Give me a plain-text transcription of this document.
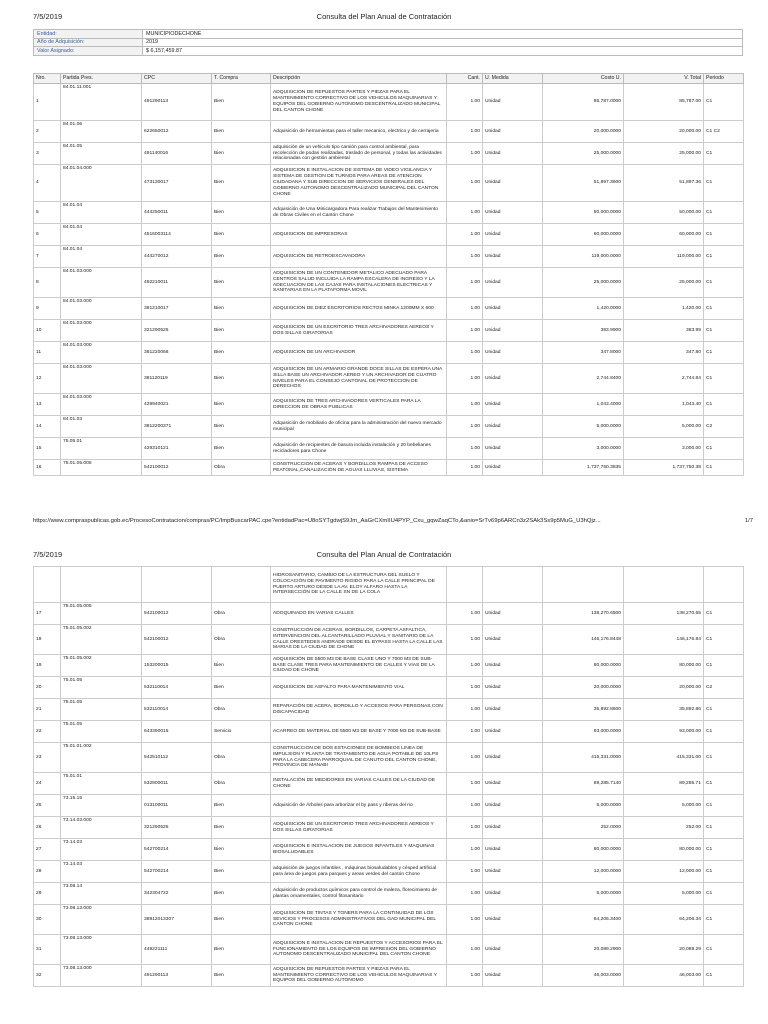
7/5/2019	Consulta del Plan Anual de Contratación
Entidad:	MUNICIPIODECHONE
Año de Adquisición:	2019
Valor Asignado:	$ 6,157,459.87
Nro.	Partida Pres.	CPC	T. Compra	Descripción	Cant.	U. Medida	Costo U.	V. Total	Periodo
1	84.01.11.001	491290113	Bien	ADQUISICION DE REPUESTOS PARTES Y PIEZAS PARA EL MANTENIMIENTO CORRECTIVO DE LOS VEHICULOS MAQUINARIAS Y EQUIPOS DEL GOBIERNO AUTONOMO DESCENTRALIZADO MUNICIPAL DEL CANTON CHONE	1.00	Unidad	85,787.0000	85,787.00	C1
2	84.01.06	622650012	Bien	Adquisición de herramientas para el taller mecanico, electrico y de cerrajeria	1.00	Unidad	20,000.0000	20,000.00	C1 C2
3	84.01.05	491140016	Bien	adquisición de un vehiculo tipo camión para control ambiental, para recolección de podas realizadas, traslado de personal, y todas las actividades relacionadas con gestión ambiental	1.00	Unidad	25,000.0000	25,000.00	C1
4	84.01.04.000	473130017	Bien	ADQUISICION E INSTALACION DE SISTEMA DE VIDEO VIGILANCIA Y SISTEMA DE GESTION DE TURNOS PARA AREAS DE ATENCION CIUDADANA Y SUB DIRECCION DE SERVICIOS GENERALES DEL GOBIERNO AUTONOMO DESCENTRALIZADO MUNICIPAL DEL CANTON CHONE	1.00	Unidad	51,897.3600	51,897.36	C1
5	84.01.04	444250011	Bien	Adquisición de Una Minicargadora Para realizar Trabajos del Mantenimiento de Obras Civiles en el Cantón Chone	1.00	Unidad	50,000.0000	50,000.00	C1
6	84.01.04	4516003114	Bien	ADQUISICION DE IMPRESORAS	1.00	Unidad	60,000.0000	60,000.00	C1
7	84.01.04	444270012	Bien	ADQUISICIÓN DE RETROEXCAVADORA	1.00	Unidad	119,000.0000	119,000.00	C1
8	84.01.03.000	492210011	Bien	ADQUISICION DE UN CONTENEDOR METALICO ADECUADO PARA CENTROS SALUD INCLUIDA LA RAMPA ESCALERA DE INGRESO Y LA ADECUACION DE LAS CAJAS PARA INSTALACIONES ELECTRICAS Y SANITARIAS EN LA PLATAFORMA MOVIL	1.00	Unidad	25,000.0000	25,000.00	C1
9	84.01.03.000	381210017	Bien	ADQUISICION DE DIEZ ESCRITORIOS RECTOS MINKA 1200MM X 600	1.00	Unidad	1,420.0000	1,420.00	C1
10	84.01.03.000	321290525	Bien	ADQUISICION DE UN ESCRITORIO TRES ARCHIVADORES AEREOS Y DOS SILLAS GIRATORIAS	1.00	Unidad	383.9900	383.99	C1
11	84.01.03.000	381220066	Bien	ADQUISICION DE UN ARCHIVADOR	1.00	Unidad	347.8000	347.80	C1
12	84.01.03.000	381120119	Bien	ADQUISICION DE UN ARMARIO GRANDE DOCE SILLAS DE ESPERA UNA SILLA BASE UN ARCHIVADOR AEREO Y UN ARCHIVADOR DE CUATRO NIVELES PARA EL CONSEJO CANTONAL DE PROTECCION DE DERECHOS	1.00	Unidad	2,744.8400	2,744.84	C1
13	84.01.03.000	429940021	Bien	ADQUISICION DE TRES ARCHIVADORES VERTICALES PARA LA DIRECCION DE OBRAS PUBLICAS	1.00	Unidad	1,043.4000	1,043.40	C1
14	84.01.03	3812200371	Bien	Adquisición de mobiliario de oficina para la administración del nuevo mercado municipal	1.00	Unidad	5,000.0000	5,000.00	C2
15	75.05.01	429310121	Bien	Adquisición de recipientes de basura incluida instalación y 20 bebelianes recicladores para Chone	1.00	Unidad	3,000.0000	3,000.00	C1
16	75.01.05.005	542100012	Obra	CONSTRUCCION DE ACERAS Y BORDILLOS RAMPAS DE ACCESO PEATONAL,CANALIZACIÓN DE AGUAS LLUVIAS, SISTEMA	1.00	Unidad	1,737,750.3835	1,737,750.38	C1
https://www.compraspublicas.gob.ec/ProcesoContratacion/compras/PC/ImpBuscarPAC.cpe?entidadPac=U8oSYTgdwjS9Jm_AaGrCXmIIU4PYP_Cxu_gqwZaqCTo,&anio=SrTv69p6ARCn3z2SAk3Ss9p5MuG_U3hQjz...	1/7
7/5/2019	Consulta del Plan Anual de Contratación
				HIDROSANITARIO, CAMBIO DE LA ESTRUCTURA DEL SUELO Y COLOCACIÓN DE PAVIMENTO RIGIDO PARA LA CALLE PRINCIPAL DE PUERTO ARTURO DESDE LA AV. ELOY ALFARO HASTA LA INTERSECCIÓN DE LA CALLE SN DE LA COLA					
17	75.01.05.005	542100012	Obra	ADOQUINADO EN VARIAS CALLES	1.00	Unidad	138,270.6500	138,270.65	C1
18	75.01.05.002	542100012	Obra	CONSTRUCCION DE ACERAS, BORDILLOS, CARPETA ASFALTICA, INTERVENCION DEL ALCANTARILLADO PLUVIAL Y SANITARIO DE LA CALLE ORESTEDES ANDRADE DESDE EL BYPASS HASTA LA CALLE LAS MARIAS DE LA CIUDAD DE CHONE	1.00	Unidad	146,176.8448	146,176.84	C1
19	75.01.05.002	153200015	Bien	ADQUISICIÓN DE 5500 M3 DE BASE CLASE UNO Y 7000 M3 DE SUB-BASE CLASE TRES PARA MANTENIMIENTO DE CALLES Y VIAS DE LA CIUDAD DE CHONE	1.00	Unidad	80,000.0000	80,000.00	C1
20	75.01.05	532110014	Bien	ADQUISICION DE ASFALTO PARA MANTENIMIENTO VIAL	1.00	Unidad	20,000.0000	20,000.00	C2
21	75.01.05	532110014	Obra	REPARACIÓN DE ACERA, BORDILLO Y ACCESOS PARA PERSONAS CON DISCAPACIDAD	1.00	Unidad	35,892.8600	35,892.86	C1
22	75.01.05	643390015	Servicio	ACARREO DE MATERIAL DE 5500 M3 DE BASE Y 7000 M3 DE SUB-BASE	1.00	Unidad	93,000.0000	93,000.00	C1
23	75.01.01.002	542510112	Obra	CONSTRUCCION DE DOS ESTACIONES DE BOMBEOS LINEA DE IMPULSION Y PLANTA DE TRATAMIENTO DE AGUA POTABLE DE 10LPS PARA LA CABECERA PARROQUIAL DE CANUTO DEL CANTON CHONE, PROVINCIA DE MANABI	1.00	Unidad	415,331.0000	415,331.00	C1
24	75.01.01	532900011	Obra	INSTALACIÓN DE MEDIDORES EN VARIAS CALLES DE LA CIUDAD DE CHONE	1.00	Unidad	89,285.7140	89,285.71	C1
25	73.15.15	013100011	Bien	Adquisición de Árboles para arborizar el by pass y riberas del rio	1.00	Unidad	5,000.0000	5,000.00	C1
26	73.14.03.000	321290525	Bien	ADQUISICION DE UN ESCRITORIO TRES ARCHIVADORES AEREOS Y DOS SILLAS GIRATORIAS	1.00	Unidad	252.0000	252.00	C1
27	73.14.03	542700214	Bien	ADQUISICION E INSTALACION DE JUEGOS INFANTILES Y MAQUINAS BIOSALUDABLES	1.00	Unidad	80,000.0000	80,000.00	C1
28	73.14.03	542700214	Bien	adquisición de juegos infantiles , máquinas biosaludables y césped artificial para área de juegos para parques y areas verdes del cantón Chone	1.00	Unidad	12,000.0000	12,000.00	C1
29	73.08.14	342304722	Bien	Adquisición de productos químicos para control de maleza, florecimiento de plantas ornamentales, control fitosanitario	1.00	Unidad	5,000.0000	5,000.00	C1
30	73.08.13.000	38912013307	Bien	ADQUISICION DE TINTAS Y TONERS PARA LA CONTINUIDAD DE LOS SEVICIOS Y PROCESOS ADMINISTRATIVOS DEL GAD MUNICIPAL DEL CANTON CHONE	1.00	Unidad	64,206.3400	64,206.34	C1
31	73.08.13.000	449221111	Bien	ADQUISICION E INSTALACION DE REPUESTOS Y ACCESORIOS PARA EL FUNCIONAMIENTO DE LOS EQUIPOS DE IMPRESION DEL GOBIERNO AUTONOMO DESCENTRALIZADO MUNICIPAL DEL CANTON CHONE	1.00	Unidad	20,089.2900	20,089.29	C1
32	73.08.13.000	491290113	Bien	ADQUISICION DE REPUESTOS PARTES Y PIEZAS PARA EL MANTENIMIENTO CORRECTIVO DE LOS VEHICULOS MAQUINARIAS Y EQUIPOS DEL GOBIERNO AUTONOMO	1.00	Unidad	46,003.0000	46,003.00	C1
